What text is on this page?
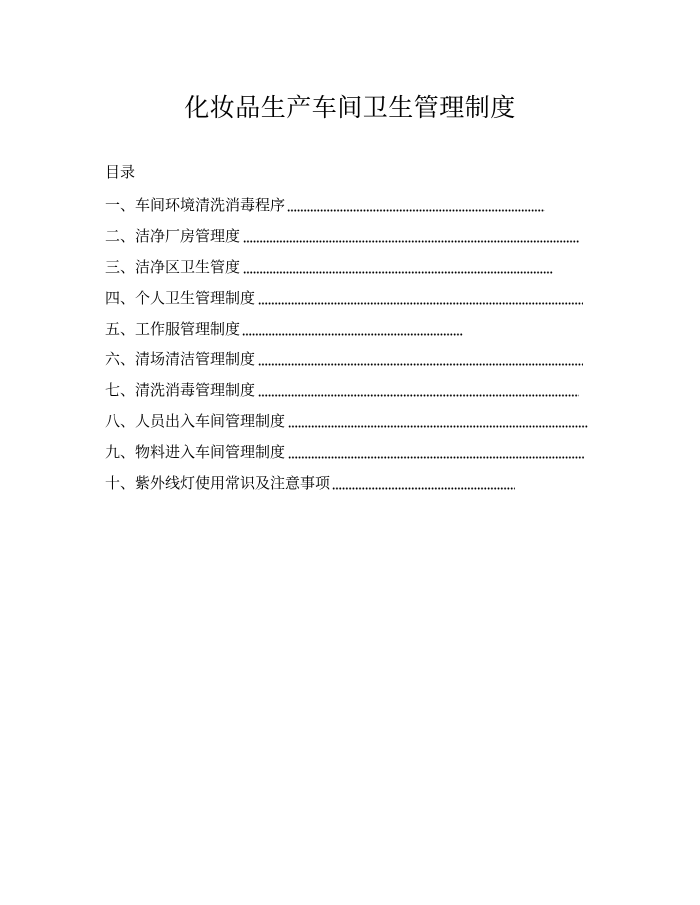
化妆品生产车间卫生管理制度
目录
一、 车间环境清洗消毒程序
二、 洁净厂房管理度
三、 洁净区卫生管度
四、 个人卫生管理制度
五、 工作服管理制度
六、 清场清洁管理制度
七、 清洗消毒管理制度
八、 人员出入车间管理制度
九、 物料进入车间管理制度
十、 紫外线灯使用常识及注意事项
